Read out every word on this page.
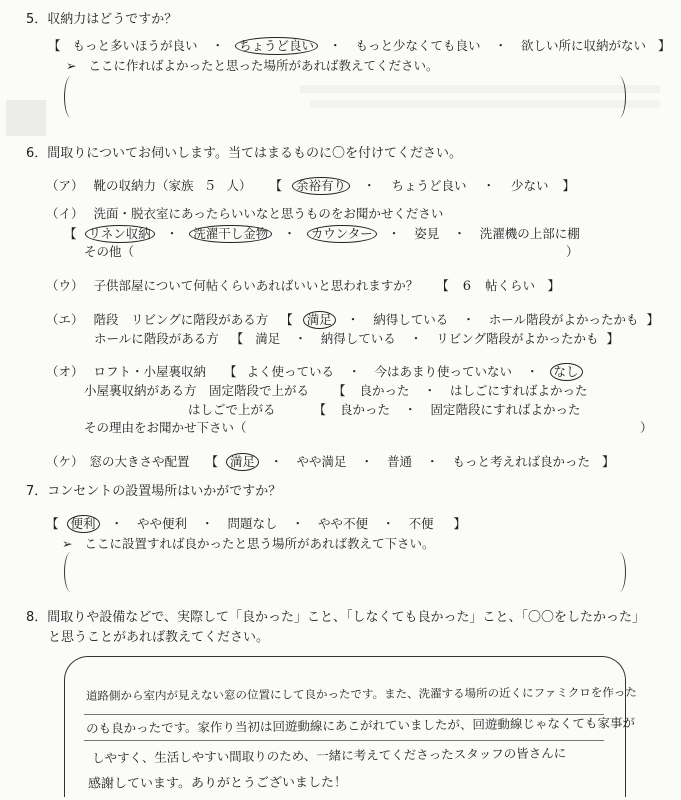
5．収納力はどうですか？
【 もっと多いほうが良い ・ ちょうど良い ・ もっと少なくても良い ・ 欲しい所に収納がない 】
➢ ここに作ればよかったと思った場所があれば教えてください。
6．間取りについてお伺いします。当てはまるものに〇を付けてください。
（ア） 靴の収納力（家族 ５ 人） 【 余裕有り ・ ちょうど良い ・ 少ない 】
（イ） 洗面・脱衣室にあったらいいなと思うものをお聞かせください
【 リネン収納 ・ 洗濯干し金物 ・ カウンター ・ 姿見 ・ 洗濯機の上部に棚
その他（	）
（ウ） 子供部屋について何帖くらいあればいいと思われますか？ 【 6 帖くらい　】
（エ） 階段　リビングに階段がある方 【 満足 ・ 納得している ・ ホール階段がよかったかも 】
ホールに階段がある方 【 満足 ・ 納得している ・ リビング階段がよかったかも 】
（オ） ロフト・小屋裏収納 【 よく使っている ・ 今はあまり使っていない ・ なし
小屋裏収納がある方　固定階段で上がる 【 良かった ・ はしごにすればよかった
はしごで上がる	【 良かった ・ 固定階段にすればよかった
その理由をお聞かせ下さい（	）
（ケ） 窓の大きさや配置 【 満足 ・ やや満足 ・ 普通 ・ もっと考えれば良かった 】
7．コンセントの設置場所はいかがですか？
【 便利 ・ やや便利 ・ 問題なし ・ やや不便 ・ 不便 】
➢ ここに設置すれば良かったと思う場所があれば教えて下さい。
8．間取りや設備などで、実際して「良かった」こと、「しなくても良かった」こと、「〇〇をしたかった」
と思うことがあれば教えてください。
道路側から室内が見えない窓の位置にして良かったです。また、洗濯する場所の近くにファミクロを作った
のも良かったです。家作り当初は回遊動線にあこがれていましたが、回遊動線じゃなくても家事が
しやすく、生活しやすい間取りのため、一緒に考えてくださったスタッフの皆さんに
感謝しています。ありがとうございました！
